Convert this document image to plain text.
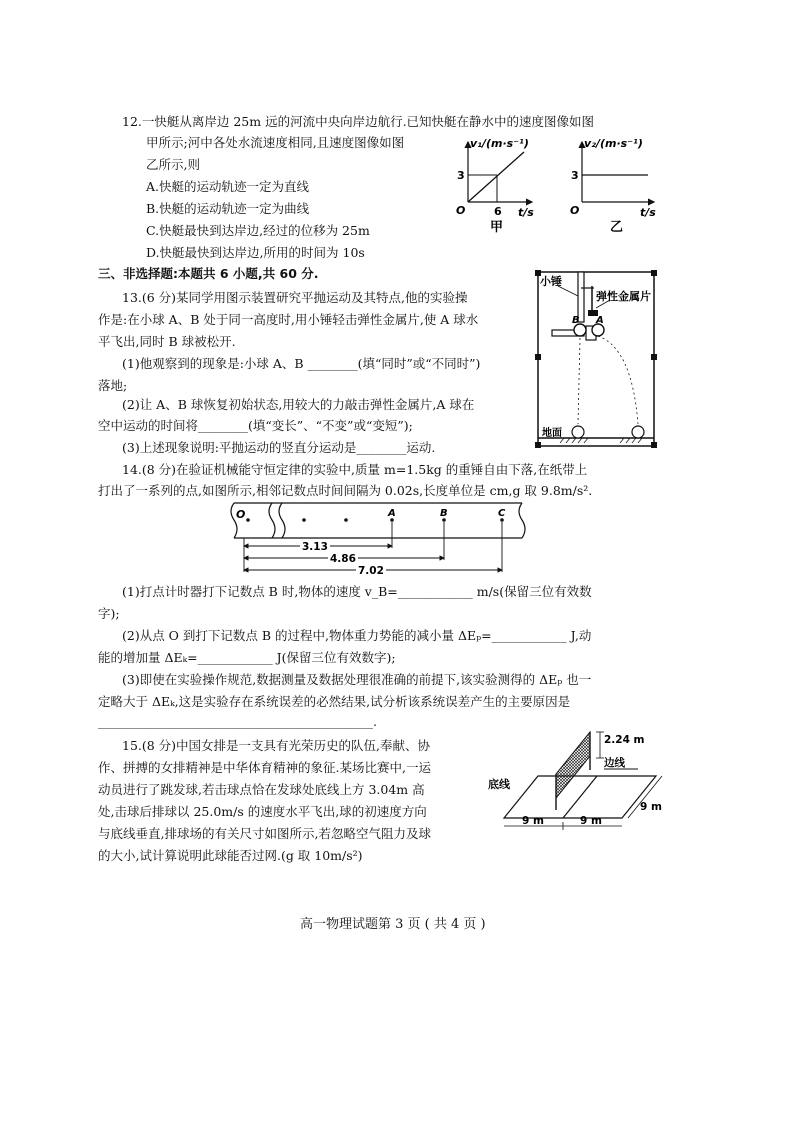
12.一快艇从离岸边 25m 远的河流中央向岸边航行.已知快艇在静水中的速度图像如图
甲所示;河中各处水流速度相同,且速度图像如图
乙所示,则
A.快艇的运动轨迹一定为直线
B.快艇的运动轨迹一定为曲线
C.快艇最快到达岸边,经过的位移为 25m
D.快艇最快到达岸边,所用的时间为 10s
v₁/(m·s⁻¹)
t/s
O
3
6
甲
v₂/(m·s⁻¹)
t/s
O
3
乙
三、非选择题:本题共 6 小题,共 60 分.
13.(6 分)某同学用图示装置研究平抛运动及其特点,他的实验操
作是:在小球 A、B 处于同一高度时,用小锤轻击弹性金属片,使 A 球水
平飞出,同时 B 球被松开.
(1)他观察到的现象是:小球 A、B ________(填“同时”或“不同时”)
落地;
(2)让 A、B 球恢复初始状态,用较大的力敲击弹性金属片,A 球在
空中运动的时间将________(填“变长”、“不变”或“变短”);
(3)上述现象说明:平抛运动的竖直分运动是________运动.
小锤
弹性金属片
B A
地面
14.(8 分)在验证机械能守恒定律的实验中,质量 m=1.5kg 的重锤自由下落,在纸带上
打出了一系列的点,如图所示,相邻记数点时间间隔为 0.02s,长度单位是 cm,g 取 9.8m/s².
O	A	B	C
3.13
4.86
7.02
(1)打点计时器打下记数点 B 时,物体的速度 v_B=____________ m/s(保留三位有效数
字);
(2)从点 O 到打下记数点 B 的过程中,物体重力势能的减小量 ΔEₚ=____________ J,动
能的增加量 ΔEₖ=____________ J(保留三位有效数字);
(3)即使在实验操作规范,数据测量及数据处理很准确的前提下,该实验测得的 ΔEₚ 也一
定略大于 ΔEₖ,这是实验存在系统误差的必然结果,试分析该系统误差产生的主要原因是
____________________________________________.
15.(8 分)中国女排是一支具有光荣历史的队伍,奉献、协
作、拼搏的女排精神是中华体育精神的象征.某场比赛中,一运
动员进行了跳发球,若击球点恰在发球处底线上方 3.04m 高
处,击球后排球以 25.0m/s 的速度水平飞出,球的初速度方向
与底线垂直,排球场的有关尺寸如图所示,若忽略空气阻力及球
的大小,试计算说明此球能否过网.(g 取 10m/s²)
2.24 m
边线
底线
9 m
9 m	9 m
高一物理试题第 3 页 ( 共 4 页 )
